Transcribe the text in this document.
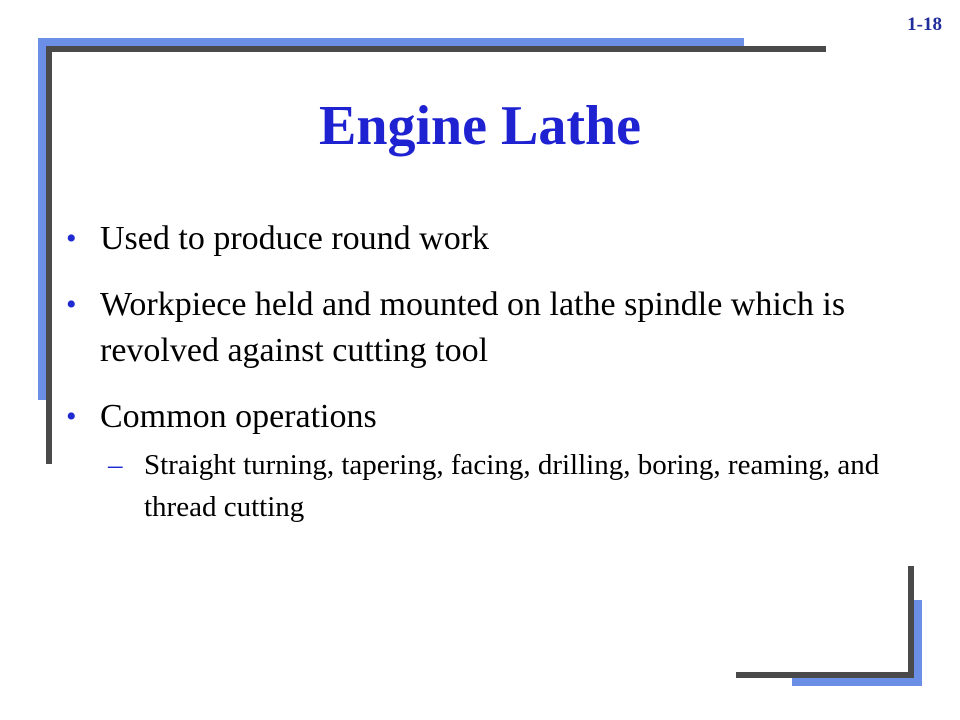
1-18
Engine Lathe
• Used to produce round work
• Workpiece held and mounted on lathe spindle which is revolved against cutting tool
• Common operations
– Straight turning, tapering, facing, drilling, boring, reaming, and thread cutting
